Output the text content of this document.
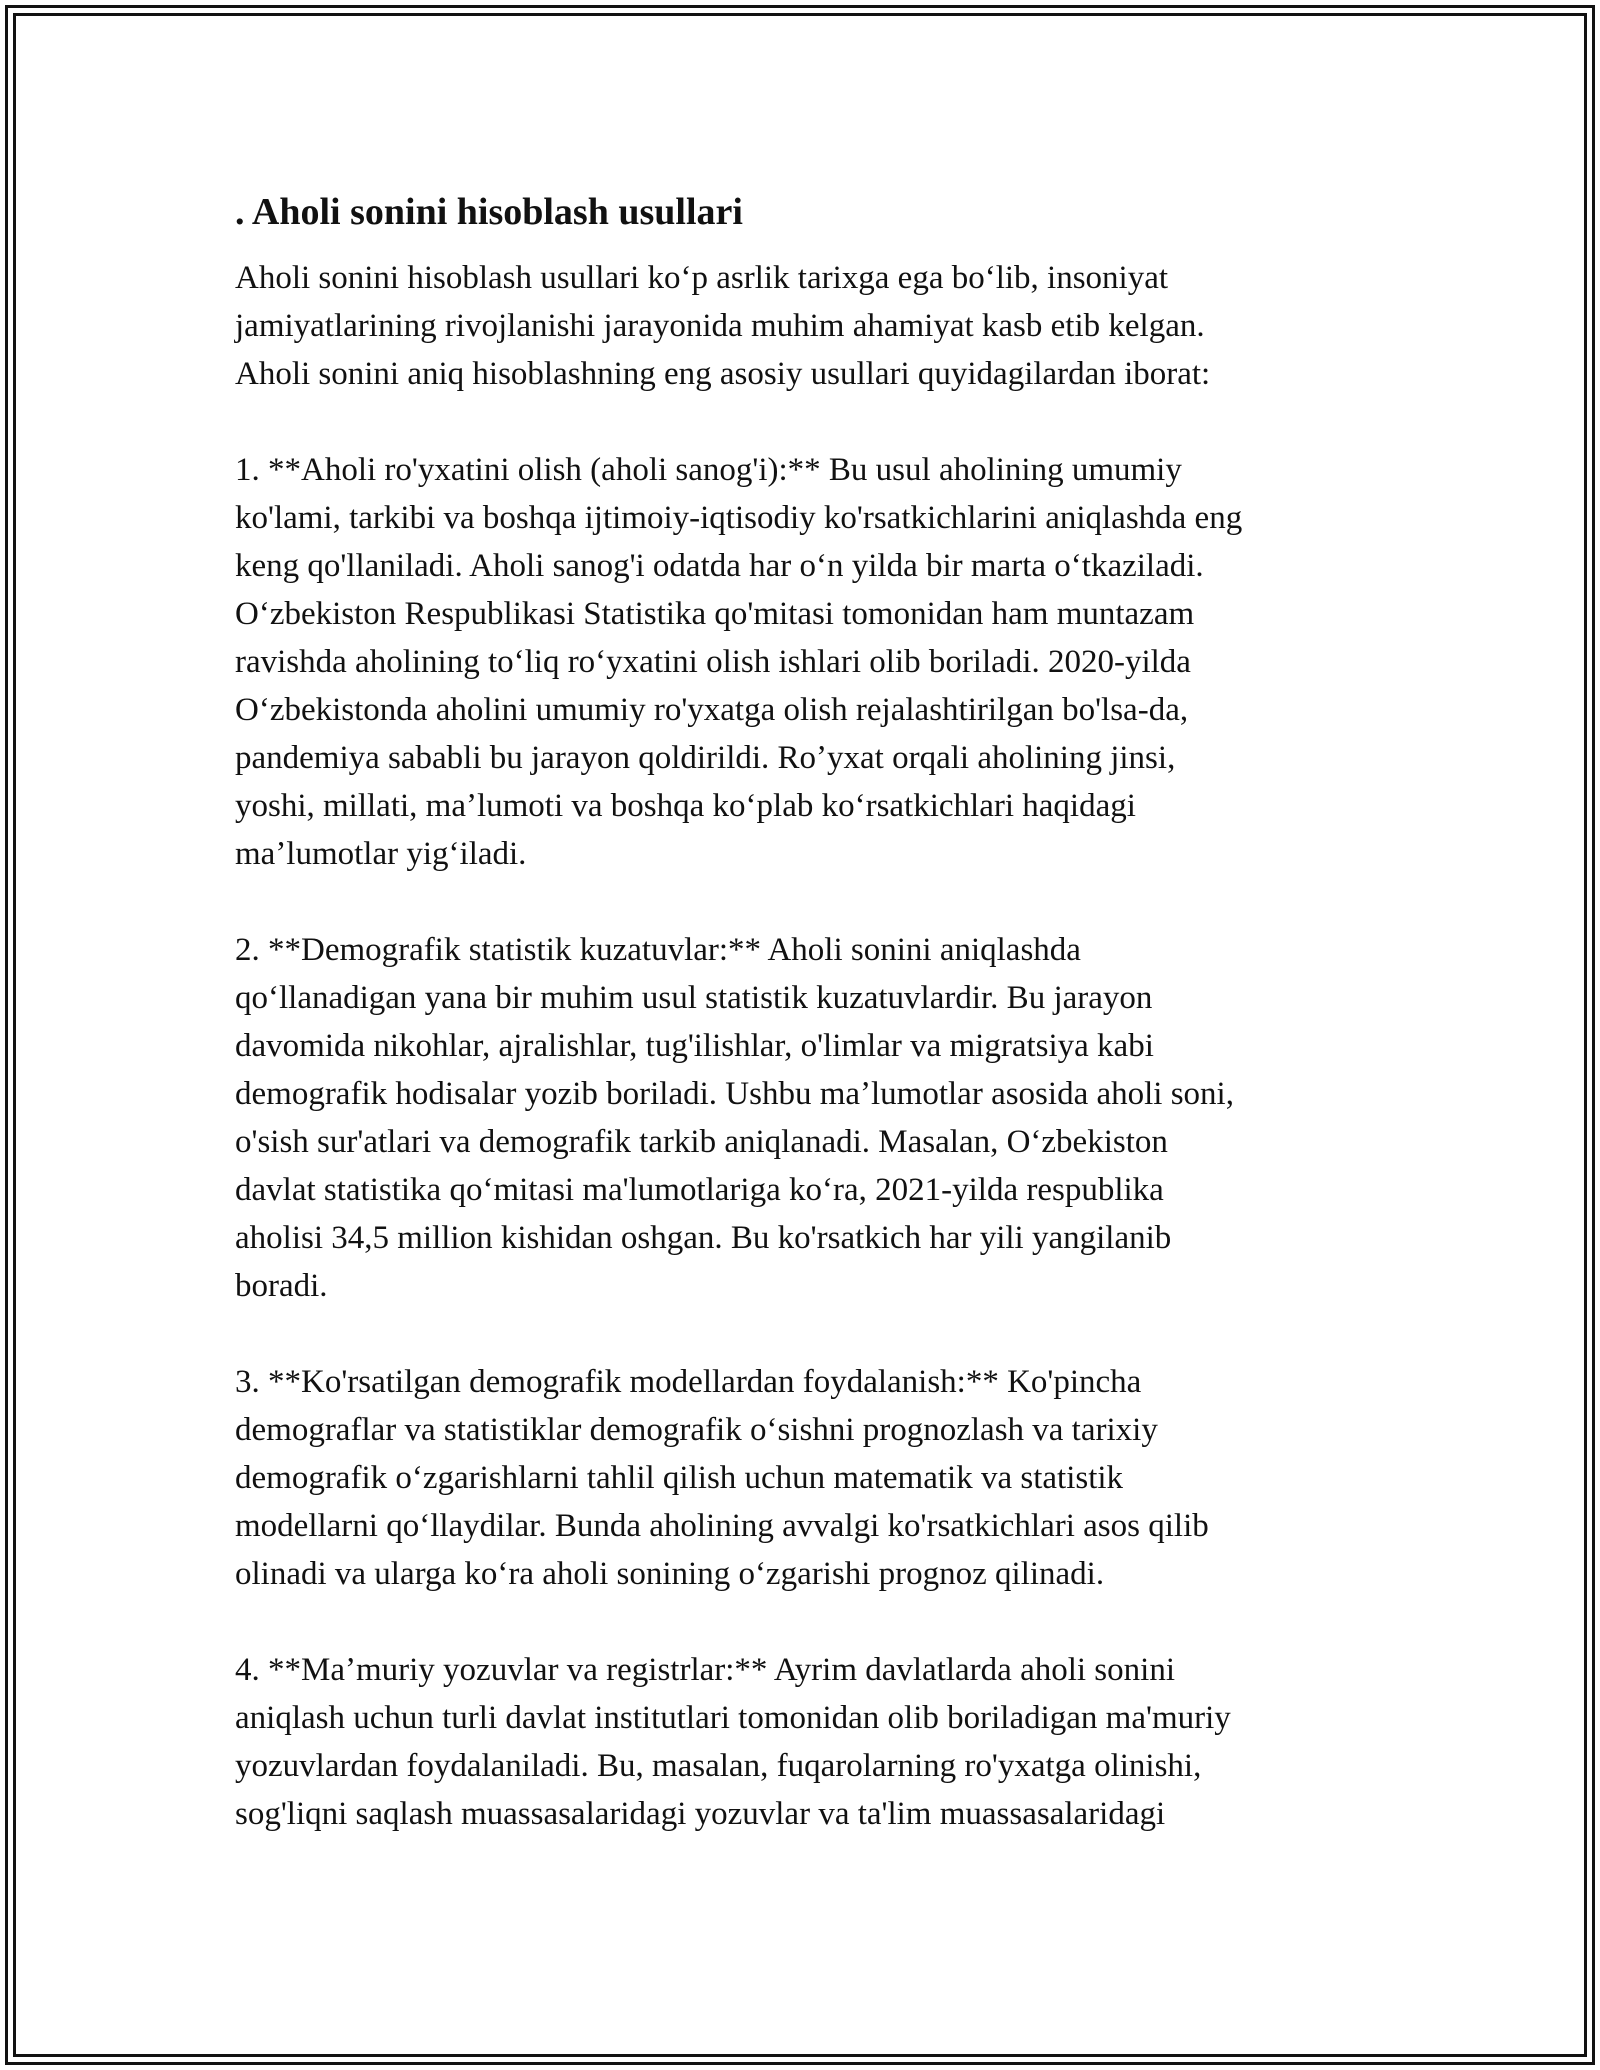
. Aholi sonini hisoblash usullari
Aholi sonini hisoblash usullari koʻp asrlik tarixga ega boʻlib, insoniyat
jamiyatlarining rivojlanishi jarayonida muhim ahamiyat kasb etib kelgan.
Aholi sonini aniq hisoblashning eng asosiy usullari quyidagilardan iborat:
1. **Aholi ro'yxatini olish (aholi sanog'i):** Bu usul aholining umumiy
ko'lami, tarkibi va boshqa ijtimoiy-iqtisodiy ko'rsatkichlarini aniqlashda eng
keng qo'llaniladi. Aholi sanog'i odatda har oʻn yilda bir marta oʻtkaziladi.
Oʻzbekiston Respublikasi Statistika qo'mitasi tomonidan ham muntazam
ravishda aholining toʻliq roʻyxatini olish ishlari olib boriladi. 2020-yilda
Oʻzbekistonda aholini umumiy ro'yxatga olish rejalashtirilgan bo'lsa-da,
pandemiya sababli bu jarayon qoldirildi. Roʼyxat orqali aholining jinsi,
yoshi, millati, maʼlumoti va boshqa koʻplab koʻrsatkichlari haqidagi
maʼlumotlar yigʻiladi.
2. **Demografik statistik kuzatuvlar:** Aholi sonini aniqlashda
qoʻllanadigan yana bir muhim usul statistik kuzatuvlardir. Bu jarayon
davomida nikohlar, ajralishlar, tug'ilishlar, o'limlar va migratsiya kabi
demografik hodisalar yozib boriladi. Ushbu maʼlumotlar asosida aholi soni,
o'sish sur'atlari va demografik tarkib aniqlanadi. Masalan, Oʻzbekiston
davlat statistika qoʻmitasi ma'lumotlariga koʻra, 2021-yilda respublika
aholisi 34,5 million kishidan oshgan. Bu ko'rsatkich har yili yangilanib
boradi.
3. **Ko'rsatilgan demografik modellardan foydalanish:** Ko'pincha
demograflar va statistiklar demografik oʻsishni prognozlash va tarixiy
demografik oʻzgarishlarni tahlil qilish uchun matematik va statistik
modellarni qoʻllaydilar. Bunda aholining avvalgi ko'rsatkichlari asos qilib
olinadi va ularga koʻra aholi sonining oʻzgarishi prognoz qilinadi.
4. **Maʼmuriy yozuvlar va registrlar:** Ayrim davlatlarda aholi sonini
aniqlash uchun turli davlat institutlari tomonidan olib boriladigan ma'muriy
yozuvlardan foydalaniladi. Bu, masalan, fuqarolarning ro'yxatga olinishi,
sog'liqni saqlash muassasalaridagi yozuvlar va ta'lim muassasalaridagi
